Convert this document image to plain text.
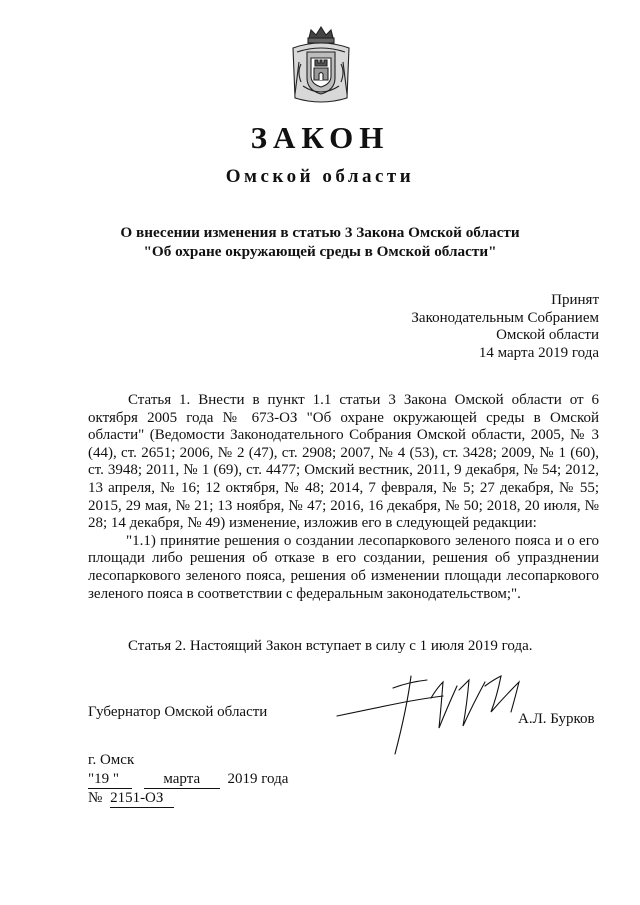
ЗАКОН
Омской области
О внесении изменения в статью 3 Закона Омской области
"Об охране окружающей среды в Омской области"
Принят
Законодательным Собранием
Омской области
14 марта 2019 года

Статья 1. Внести в пункт 1.1 статьи 3 Закона Омской области от 6 октября 2005 года № 673-ОЗ "Об охране окружающей среды в Омской области" (Ведомости Законодательного Собрания Омской области, 2005, № 3 (44), ст. 2651; 2006, № 2 (47), ст. 2908; 2007, № 4 (53), ст. 3428; 2009, № 1 (60), ст. 3948; 2011, № 1 (69), ст. 4477; Омский вестник, 2011, 9 декабря, № 54; 2012, 13 апреля, № 16; 12 октября, № 48; 2014, 7 февраля, № 5; 27 декабря, № 55; 2015, 29 мая, № 21; 13 ноября, № 47; 2016, 16 декабря, № 50; 2018, 20 июля, № 28; 14 декабря, № 49) изменение, изложив его в следующей редакции:

"1.1) принятие решения о создании лесопаркового зеленого пояса и о его площади либо решения об отказе в его создании, решения об упразднении лесопаркового зеленого пояса, решения об изменении площади лесопаркового зеленого пояса в соответствии с федеральным законодательством;".

Статья 2. Настоящий Закон вступает в силу с 1 июля 2019 года.
Губернатор Омской области	А.Л. Бурков
г. Омск
"19 "	марта 2019 года
№ 2151-ОЗ
